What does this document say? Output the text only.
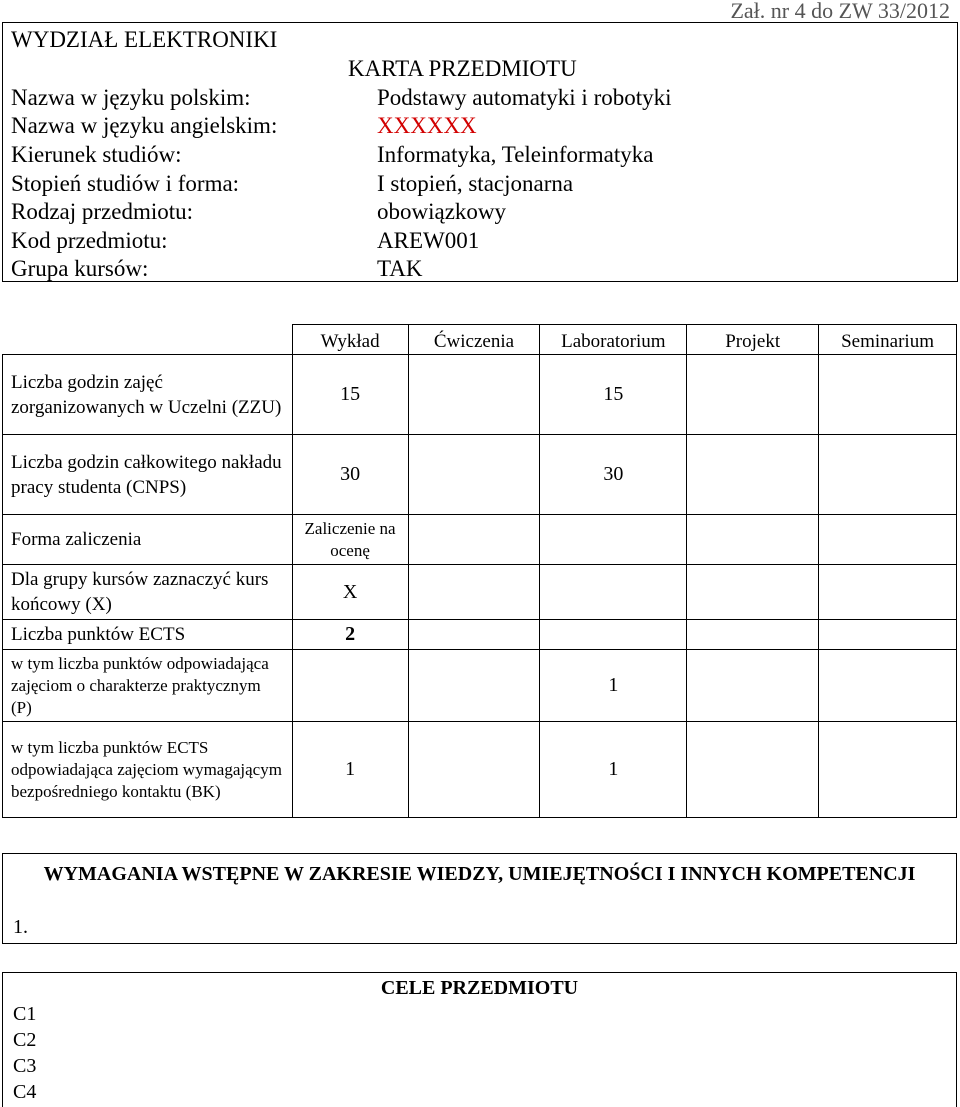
Zał. nr 4 do ZW 33/2012
WYDZIAŁ ELEKTRONIKI
KARTA PRZEDMIOTU
Nazwa w języku polskim:	Podstawy automatyki i robotyki
Nazwa w języku angielskim:	XXXXXX
Kierunek studiów:	Informatyka, Teleinformatyka
Stopień studiów i forma:	I stopień, stacjonarna
Rodzaj przedmiotu:	obowiązkowy
Kod przedmiotu:	AREW001
Grupa kursów:	TAK
	Wykład	Ćwiczenia	Laboratorium	Projekt	Seminarium
Liczba godzin zajęć zorganizowanych w Uczelni (ZZU)	15		15		
Liczba godzin całkowitego nakładu pracy studenta (CNPS)	30		30		
Forma zaliczenia	Zaliczenie na ocenę				
Dla grupy kursów zaznaczyć kurs końcowy (X)	X				
Liczba punktów ECTS	2				
w tym liczba punktów odpowiadająca zajęciom o charakterze praktycznym (P)			1		
w tym liczba punktów ECTS odpowiadająca zajęciom wymagającym bezpośredniego kontaktu (BK)	1		1		
WYMAGANIA WSTĘPNE W ZAKRESIE WIEDZY, UMIEJĘTNOŚCI I INNYCH KOMPETENCJI
1.
CELE PRZEDMIOTU
C1
C2
C3
C4
